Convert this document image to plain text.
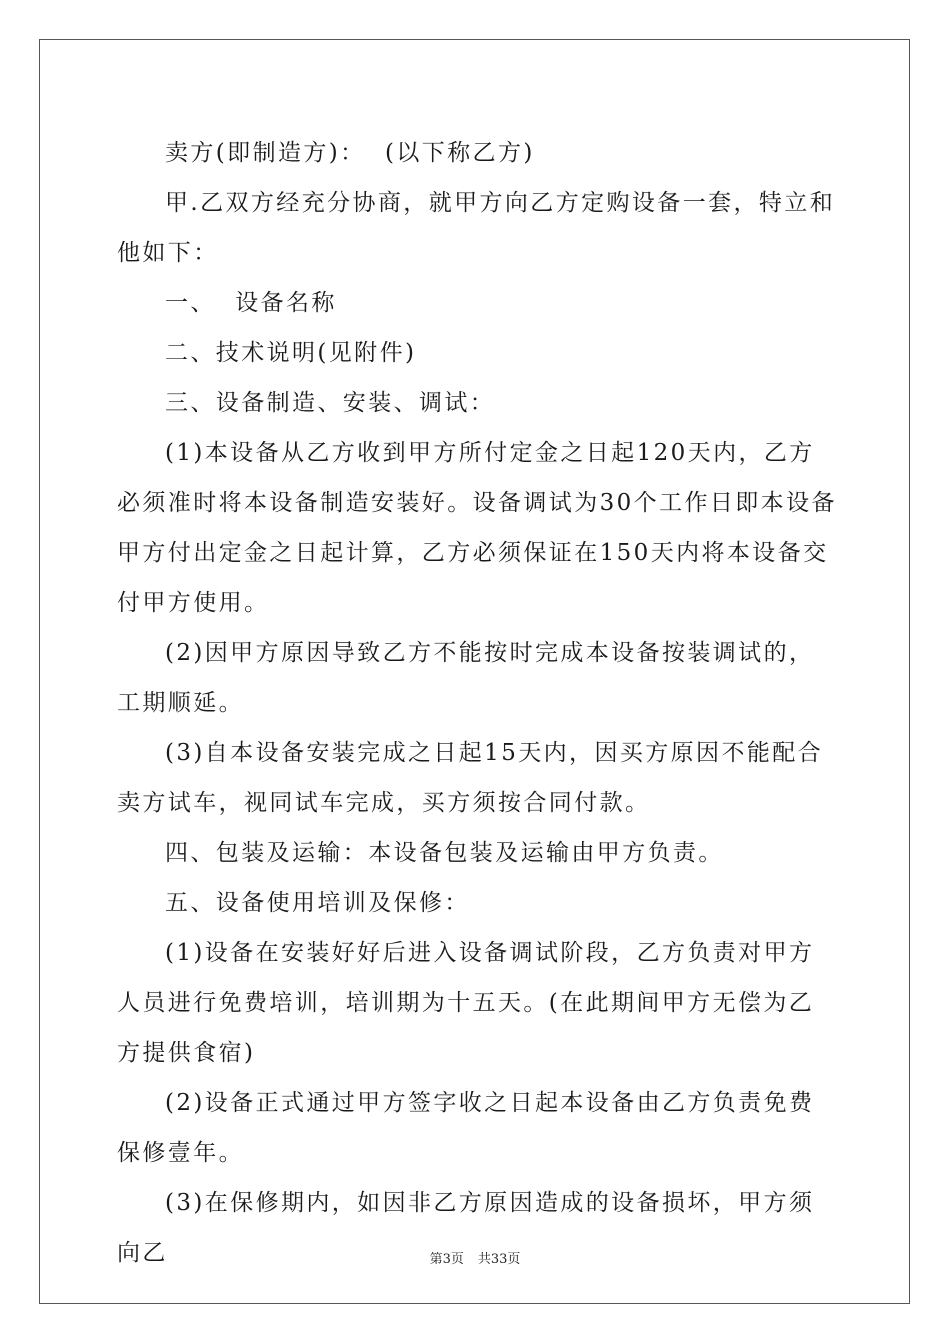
卖方(即制造方)：  (以下称乙方)

甲.乙双方经充分协商，就甲方向乙方定购设备一套，特立和他如下：

一、  设备名称

二、技术说明(见附件)

三、设备制造、安装、调试：

(1)本设备从乙方收到甲方所付定金之日起120天内，乙方必须准时将本设备制造安装好。设备调试为30个工作日即本设备甲方付出定金之日起计算，乙方必须保证在150天内将本设备交付甲方使用。

(2)因甲方原因导致乙方不能按时完成本设备按装调试的，工期顺延。

(3)自本设备安装完成之日起15天内，因买方原因不能配合卖方试车，视同试车完成，买方须按合同付款。

四、包装及运输：本设备包装及运输由甲方负责。

五、设备使用培训及保修：

(1)设备在安装好好后进入设备调试阶段，乙方负责对甲方人员进行免费培训，培训期为十五天。(在此期间甲方无偿为乙方提供食宿)

(2)设备正式通过甲方签字收之日起本设备由乙方负责免费保修壹年。

(3)在保修期内，如因非乙方原因造成的设备损坏，甲方须向乙	第3页 共33页
